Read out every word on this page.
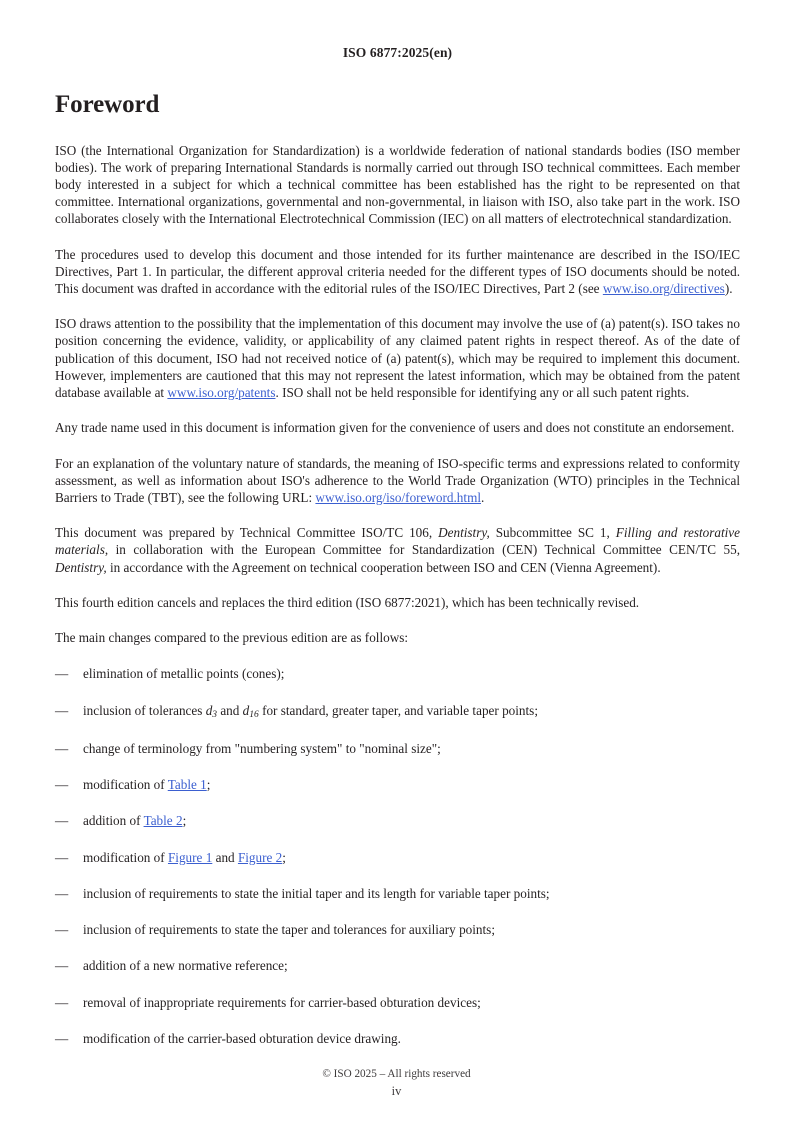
ISO 6877:2025(en)
Foreword

ISO (the International Organization for Standardization) is a worldwide federation of national standards bodies (ISO member bodies). The work of preparing International Standards is normally carried out through ISO technical committees. Each member body interested in a subject for which a technical committee has been established has the right to be represented on that committee. International organizations, governmental and non-governmental, in liaison with ISO, also take part in the work. ISO collaborates closely with the International Electrotechnical Commission (IEC) on all matters of electrotechnical standardization.

The procedures used to develop this document and those intended for its further maintenance are described in the ISO/IEC Directives, Part 1. In particular, the different approval criteria needed for the different types of ISO documents should be noted. This document was drafted in accordance with the editorial rules of the ISO/IEC Directives, Part 2 (see www.iso.org/directives).

ISO draws attention to the possibility that the implementation of this document may involve the use of (a) patent(s). ISO takes no position concerning the evidence, validity, or applicability of any claimed patent rights in respect thereof. As of the date of publication of this document, ISO had not received notice of (a) patent(s), which may be required to implement this document. However, implementers are cautioned that this may not represent the latest information, which may be obtained from the patent database available at www.iso.org/patents. ISO shall not be held responsible for identifying any or all such patent rights.

Any trade name used in this document is information given for the convenience of users and does not constitute an endorsement.

For an explanation of the voluntary nature of standards, the meaning of ISO-specific terms and expressions related to conformity assessment, as well as information about ISO's adherence to the World Trade Organization (WTO) principles in the Technical Barriers to Trade (TBT), see the following URL: www.iso.org/iso/foreword.html.

This document was prepared by Technical Committee ISO/TC 106, Dentistry, Subcommittee SC 1, Filling and restorative materials, in collaboration with the European Committee for Standardization (CEN) Technical Committee CEN/TC 55, Dentistry, in accordance with the Agreement on technical cooperation between ISO and CEN (Vienna Agreement).

This fourth edition cancels and replaces the third edition (ISO 6877:2021), which has been technically revised.

The main changes compared to the previous edition are as follows:

—	elimination of metallic points (cones);
—	inclusion of tolerances $d_3$ and $d_{16}$ for standard, greater taper, and variable taper points;
—	change of terminology from "numbering system" to "nominal size";
—	modification of Table 1;
—	addition of Table 2;
—	modification of Figure 1 and Figure 2;
—	inclusion of requirements to state the initial taper and its length for variable taper points;
—	inclusion of requirements to state the taper and tolerances for auxiliary points;
—	addition of a new normative reference;
—	removal of inappropriate requirements for carrier-based obturation devices;
—	modification of the carrier-based obturation device drawing.

© ISO 2025 – All rights reserved

iv
